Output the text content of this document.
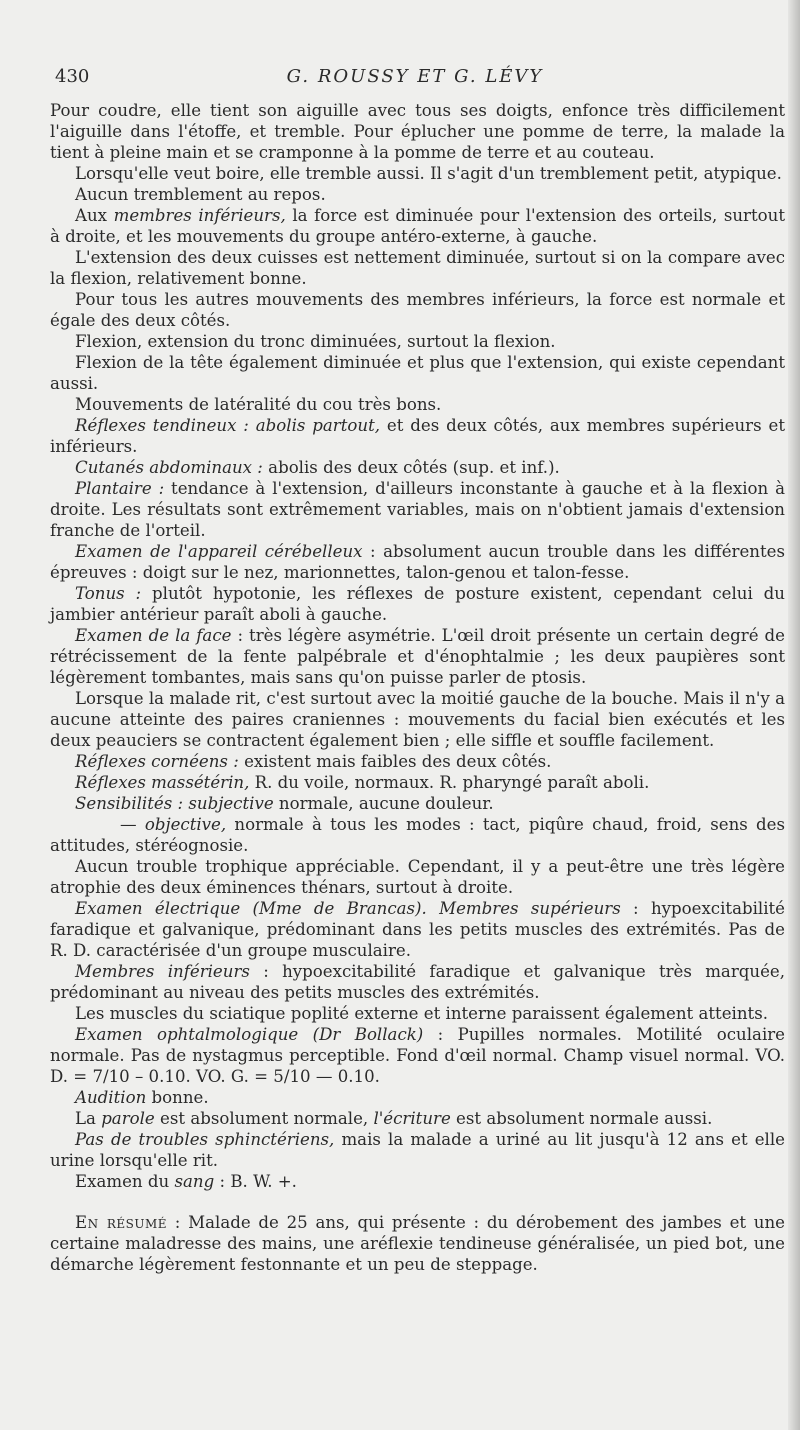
430	G. ROUSSY ET G. LÉVY

Pour coudre, elle tient son aiguille avec tous ses doigts, enfonce très difficilement l'aiguille dans l'étoffe, et tremble. Pour éplucher une pomme de terre, la malade la tient à pleine main et se cramponne à la pomme de terre et au couteau.

Lorsqu'elle veut boire, elle tremble aussi. Il s'agit d'un tremblement petit, atypique.

Aucun tremblement au repos.

Aux membres inférieurs, la force est diminuée pour l'extension des orteils, surtout à droite, et les mouvements du groupe antéro-externe, à gauche.

L'extension des deux cuisses est nettement diminuée, surtout si on la compare avec la flexion, relativement bonne.

Pour tous les autres mouvements des membres inférieurs, la force est normale et égale des deux côtés.

Flexion, extension du tronc diminuées, surtout la flexion.

Flexion de la tête également diminuée et plus que l'extension, qui existe cependant aussi.

Mouvements de latéralité du cou très bons.

Réflexes tendineux : abolis partout, et des deux côtés, aux membres supérieurs et inférieurs.

Cutanés abdominaux : abolis des deux côtés (sup. et inf.).

Plantaire : tendance à l'extension, d'ailleurs inconstante à gauche et à la flexion à droite. Les résultats sont extrêmement variables, mais on n'obtient jamais d'extension franche de l'orteil.

Examen de l'appareil cérébelleux : absolument aucun trouble dans les différentes épreuves : doigt sur le nez, marionnettes, talon-genou et talon-fesse.

Tonus : plutôt hypotonie, les réflexes de posture existent, cependant celui du jambier antérieur paraît aboli à gauche.

Examen de la face : très légère asymétrie. L'œil droit présente un certain degré de rétrécissement de la fente palpébrale et d'énophtalmie ; les deux paupières sont légèrement tombantes, mais sans qu'on puisse parler de ptosis.

Lorsque la malade rit, c'est surtout avec la moitié gauche de la bouche. Mais il n'y a aucune atteinte des paires craniennes : mouvements du facial bien exécutés et les deux peauciers se contractent également bien ; elle siffle et souffle facilement.

Réflexes cornéens : existent mais faibles des deux côtés.

Réflexes massétérin, R. du voile, normaux. R. pharyngé paraît aboli.

Sensibilités : subjective normale, aucune douleur.

— objective, normale à tous les modes : tact, piqûre chaud, froid, sens des attitudes, stéréognosie.

Aucun trouble trophique appréciable. Cependant, il y a peut-être une très légère atrophie des deux éminences thénars, surtout à droite.

Examen électrique (Mme de Brancas). Membres supérieurs : hypoexcitabilité faradique et galvanique, prédominant dans les petits muscles des extrémités. Pas de R. D. caractérisée d'un groupe musculaire.

Membres inférieurs : hypoexcitabilité faradique et galvanique très marquée, prédominant au niveau des petits muscles des extrémités.

Les muscles du sciatique poplité externe et interne paraissent également atteints.

Examen ophtalmologique (Dr Bollack) : Pupilles normales. Motilité oculaire normale. Pas de nystagmus perceptible. Fond d'œil normal. Champ visuel normal. VO. D. = 7/10 – 0.10. VO. G. = 5/10 — 0.10.

Audition bonne.

La parole est absolument normale, l'écriture est absolument normale aussi.

Pas de troubles sphinctériens, mais la malade a uriné au lit jusqu'à 12 ans et elle urine lorsqu'elle rit.

Examen du sang : B. W. +.

En résumé : Malade de 25 ans, qui présente : du dérobement des jambes et une certaine maladresse des mains, une aréflexie tendineuse généralisée, un pied bot, une démarche légèrement festonnante et un peu de steppage.
